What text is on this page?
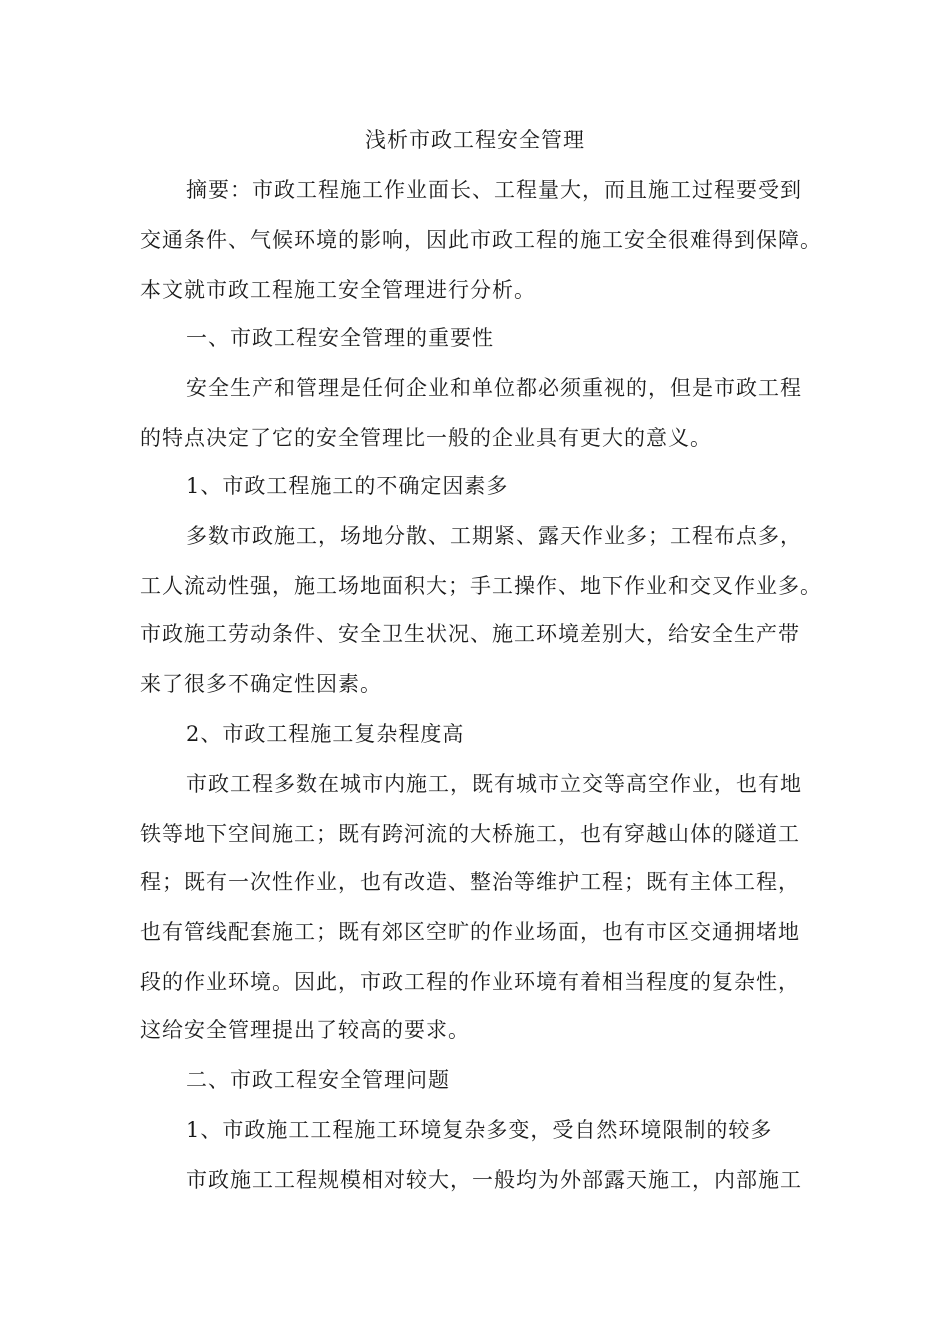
浅析市政工程安全管理
摘要：市政工程施工作业面长、工程量大，而且施工过程要受到
交通条件、气候环境的影响，因此市政工程的施工安全很难得到保障。
本文就市政工程施工安全管理进行分析。
一、市政工程安全管理的重要性
安全生产和管理是任何企业和单位都必须重视的，但是市政工程
的特点决定了它的安全管理比一般的企业具有更大的意义。
1、市政工程施工的不确定因素多
多数市政施工，场地分散、工期紧、露天作业多；工程布点多，
工人流动性强，施工场地面积大；手工操作、地下作业和交叉作业多。
市政施工劳动条件、安全卫生状况、施工环境差别大，给安全生产带
来了很多不确定性因素。
2、市政工程施工复杂程度高
市政工程多数在城市内施工，既有城市立交等高空作业，也有地
铁等地下空间施工；既有跨河流的大桥施工，也有穿越山体的隧道工
程；既有一次性作业，也有改造、整治等维护工程；既有主体工程，
也有管线配套施工；既有郊区空旷的作业场面，也有市区交通拥堵地
段的作业环境。因此，市政工程的作业环境有着相当程度的复杂性，
这给安全管理提出了较高的要求。
二、市政工程安全管理问题
1、市政施工工程施工环境复杂多变，受自然环境限制的较多
市政施工工程规模相对较大，一般均为外部露天施工，内部施工
